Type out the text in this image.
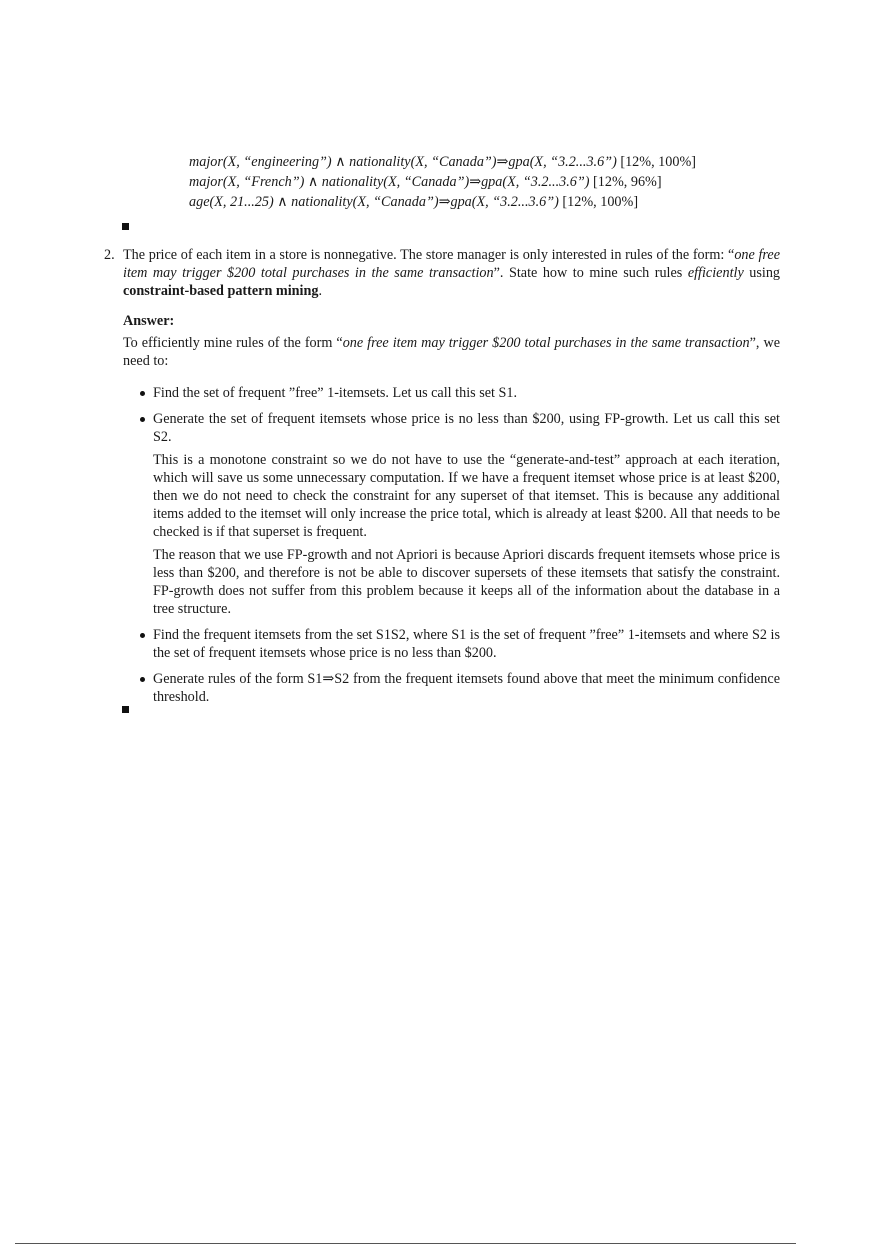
major(X, “engineering”) ∧ nationality(X, “Canada”)⇒gpa(X, “3.2...3.6”) [12%, 100%]
major(X, “French”) ∧ nationality(X, “Canada”)⇒gpa(X, “3.2...3.6”) [12%, 96%]
age(X, 21...25) ∧ nationality(X, “Canada”)⇒gpa(X, “3.2...3.6”) [12%, 100%]
2. The price of each item in a store is nonnegative. The store manager is only interested in rules of the form: “one free item may trigger $200 total purchases in the same transaction”. State how to mine such rules efficiently using constraint-based pattern mining.

Answer:

To efficiently mine rules of the form “one free item may trigger $200 total purchases in the same transaction”, we need to:

Find the set of frequent ”free” 1-itemsets. Let us call this set S1.

Generate the set of frequent itemsets whose price is no less than $200, using FP-growth. Let us call this set S2.

This is a monotone constraint so we do not have to use the “generate-and-test” approach at each iteration, which will save us some unnecessary computation. If we have a frequent itemset whose price is at least $200, then we do not need to check the constraint for any superset of that itemset. This is because any additional items added to the itemset will only increase the price total, which is already at least $200. All that needs to be checked is if that superset is frequent.

The reason that we use FP-growth and not Apriori is because Apriori discards frequent itemsets whose price is less than $200, and therefore is not be able to discover supersets of these itemsets that satisfy the constraint. FP-growth does not suffer from this problem because it keeps all of the information about the database in a tree structure.

Find the frequent itemsets from the set S1S2, where S1 is the set of frequent ”free” 1-itemsets and where S2 is the set of frequent itemsets whose price is no less than $200.

Generate rules of the form S1⇒S2 from the frequent itemsets found above that meet the minimum confidence threshold.
